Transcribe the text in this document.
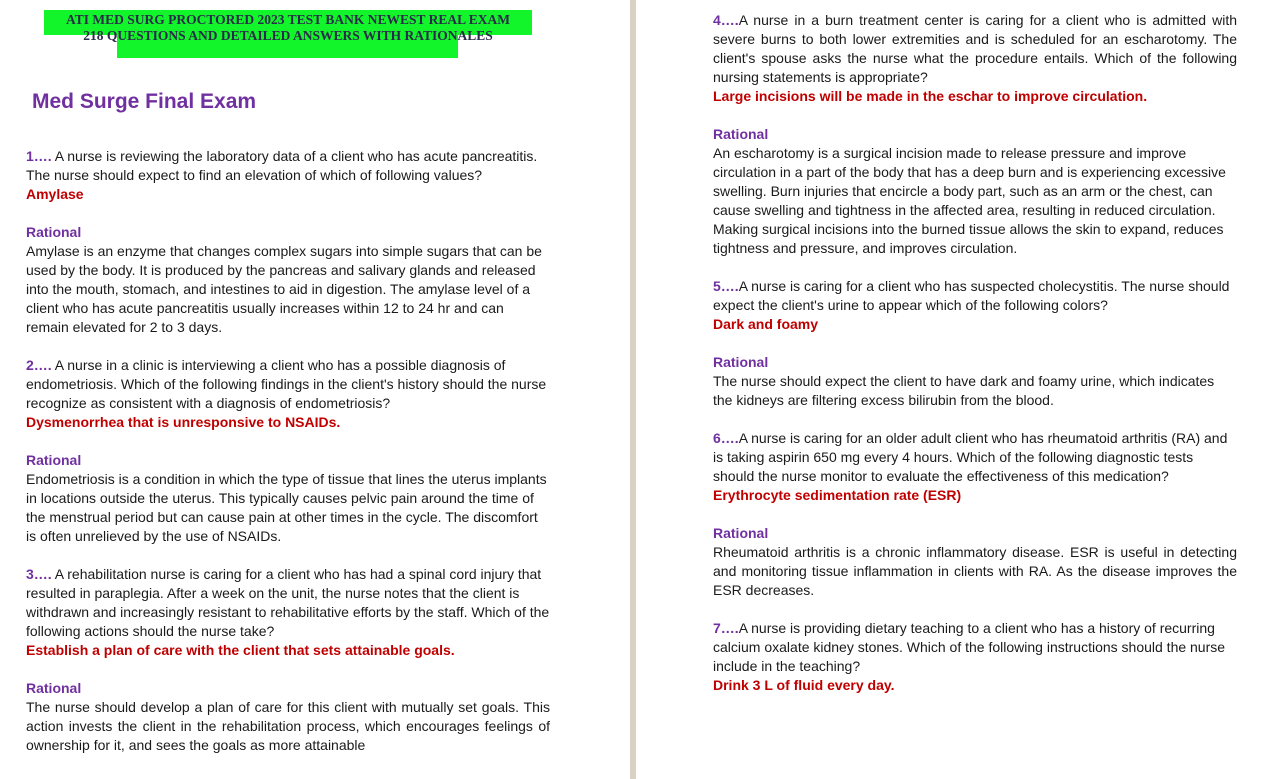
ATI MED SURG PROCTORED 2023 TEST BANK NEWEST REAL EXAM
218 QUESTIONS AND DETAILED ANSWERS WITH RATIONALES
Med Surge Final Exam

1…. A nurse is reviewing the laboratory data of a client who has acute pancreatitis. The nurse should expect to find an elevation of which of following values?

Amylase

Rational

Amylase is an enzyme that changes complex sugars into simple sugars that can be used by the body. It is produced by the pancreas and salivary glands and released into the mouth, stomach, and intestines to aid in digestion. The amylase level of a client who has acute pancreatitis usually increases within 12 to 24 hr and can remain elevated for 2 to 3 days.

2…. A nurse in a clinic is interviewing a client who has a possible diagnosis of endometriosis. Which of the following findings in the client's history should the nurse recognize as consistent with a diagnosis of endometriosis?

Dysmenorrhea that is unresponsive to NSAIDs.

Rational

Endometriosis is a condition in which the type of tissue that lines the uterus implants in locations outside the uterus. This typically causes pelvic pain around the time of the menstrual period but can cause pain at other times in the cycle. The discomfort is often unrelieved by the use of NSAIDs.

3…. A rehabilitation nurse is caring for a client who has had a spinal cord injury that resulted in paraplegia. After a week on the unit, the nurse notes that the client is withdrawn and increasingly resistant to rehabilitative efforts by the staff. Which of the following actions should the nurse take?

Establish a plan of care with the client that sets attainable goals.

Rational

The nurse should develop a plan of care for this client with mutually set goals. This action invests the client in the rehabilitation process, which encourages feelings of ownership for it, and sees the goals as more attainable

4….A nurse in a burn treatment center is caring for a client who is admitted with severe burns to both lower extremities and is scheduled for an escharotomy. The client's spouse asks the nurse what the procedure entails. Which of the following nursing statements is appropriate?

Large incisions will be made in the eschar to improve circulation.

Rational

An escharotomy is a surgical incision made to release pressure and improve circulation in a part of the body that has a deep burn and is experiencing excessive swelling. Burn injuries that encircle a body part, such as an arm or the chest, can cause swelling and tightness in the affected area, resulting in reduced circulation. Making surgical incisions into the burned tissue allows the skin to expand, reduces tightness and pressure, and improves circulation.

5….A nurse is caring for a client who has suspected cholecystitis. The nurse should expect the client's urine to appear which of the following colors?

Dark and foamy

Rational

The nurse should expect the client to have dark and foamy urine, which indicates the kidneys are filtering excess bilirubin from the blood.

6….A nurse is caring for an older adult client who has rheumatoid arthritis (RA) and is taking aspirin 650 mg every 4 hours. Which of the following diagnostic tests should the nurse monitor to evaluate the effectiveness of this medication?

Erythrocyte sedimentation rate (ESR)

Rational

Rheumatoid arthritis is a chronic inflammatory disease. ESR is useful in detecting and monitoring tissue inflammation in clients with RA. As the disease improves the ESR decreases.

7….A nurse is providing dietary teaching to a client who has a history of recurring calcium oxalate kidney stones. Which of the following instructions should the nurse include in the teaching?

Drink 3 L of fluid every day.
